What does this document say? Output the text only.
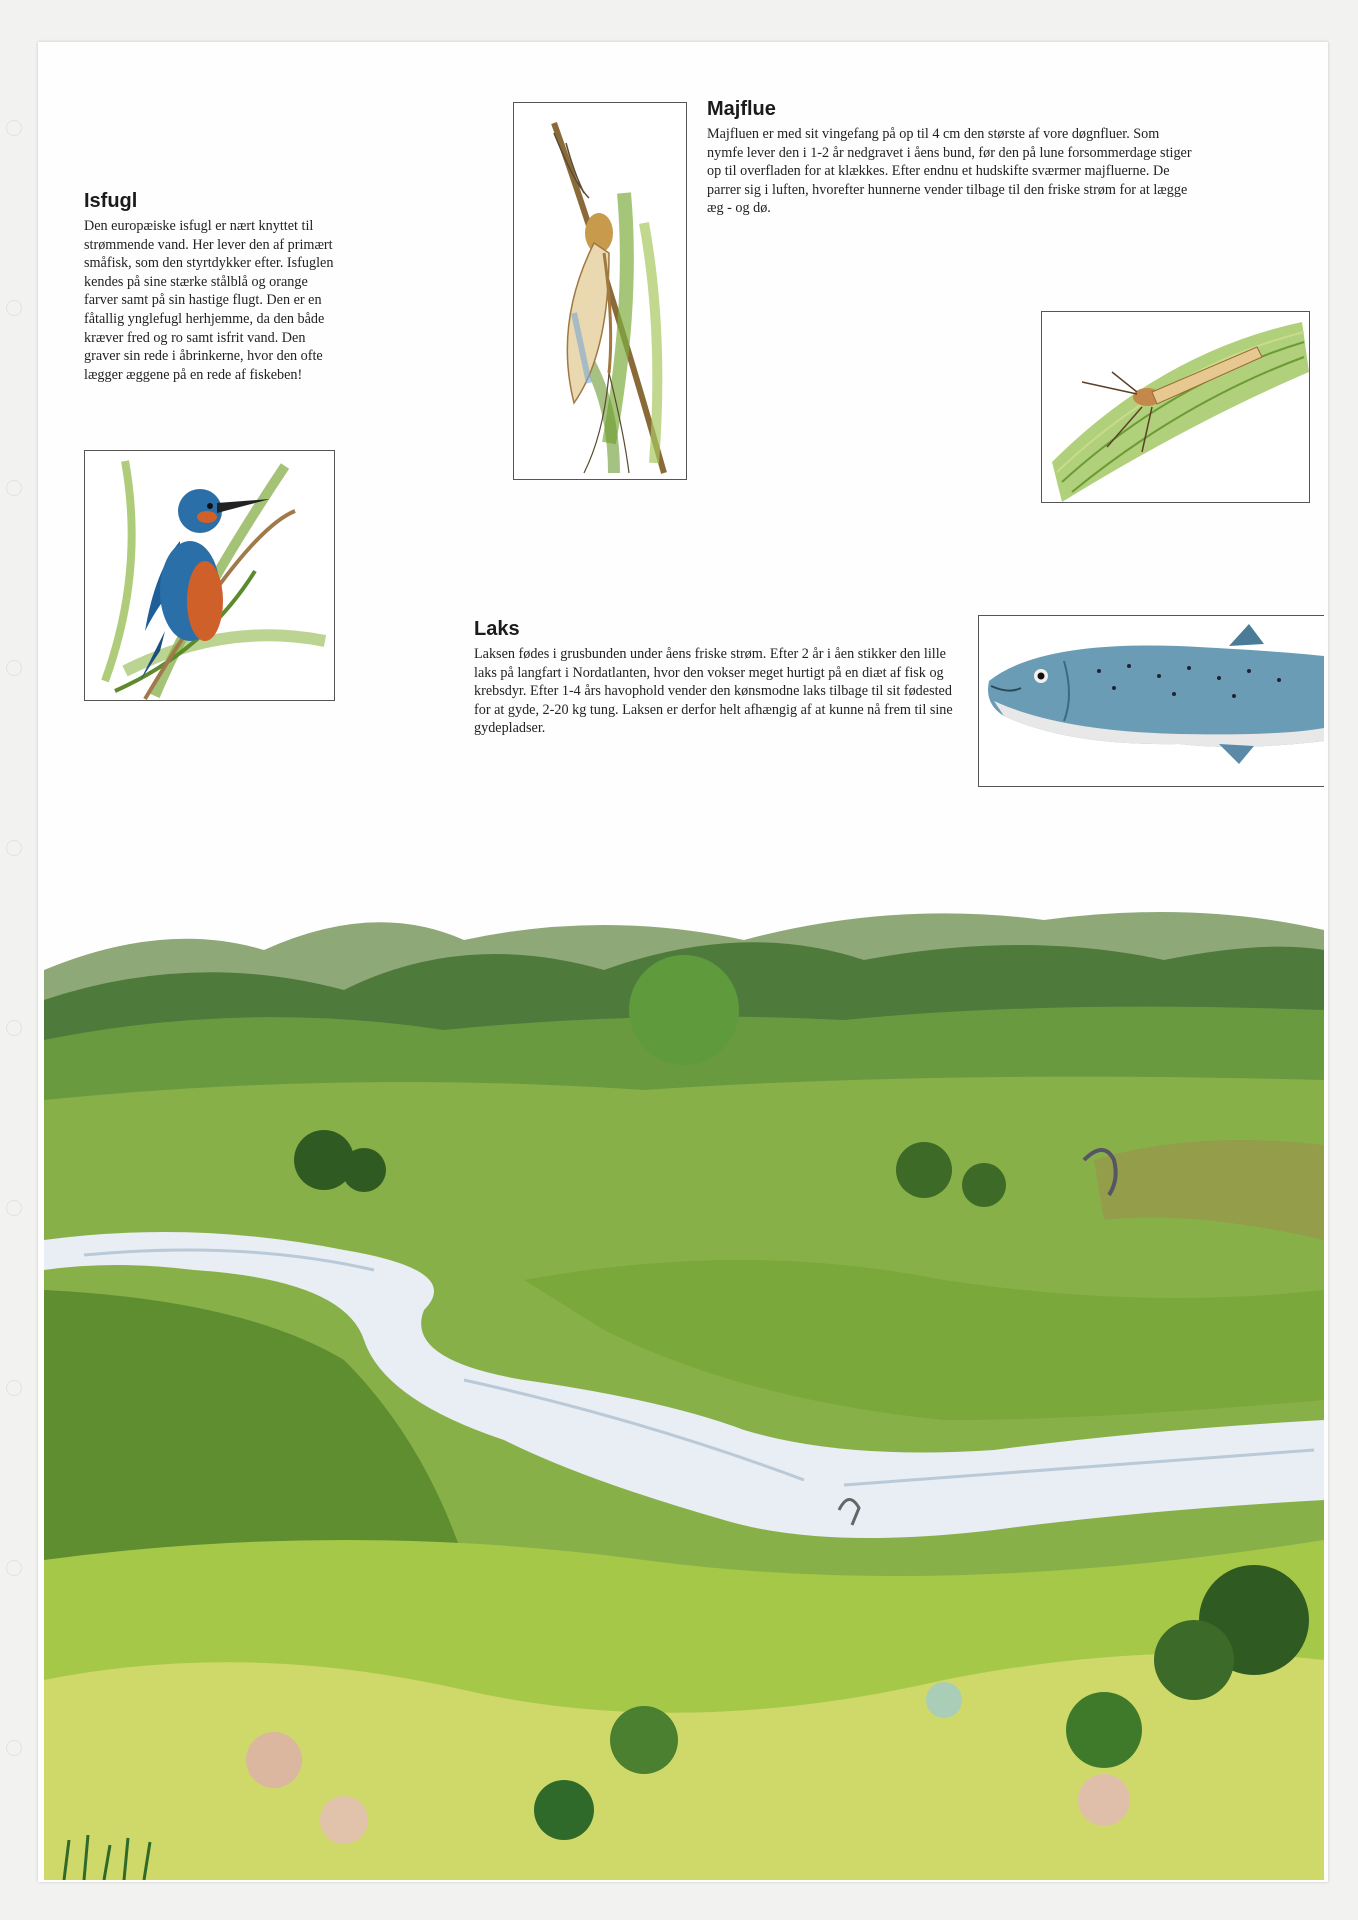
Isfugl

Den europæiske isfugl er nært knyttet til strømmende vand. Her lever den af primært småfisk, som den styrtdykker efter. Isfuglen kendes på sine stærke stålblå og orange farver samt på sin hastige flugt. Den er en fåtallig ynglefugl herhjemme, da den både kræver fred og ro samt isfrit vand. Den graver sin rede i åbrinkerne, hvor den ofte lægger æggene på en rede af fiskeben!

Majflue

Majfluen er med sit vingefang på op til 4 cm den største af vore døgnfluer. Som nymfe lever den i 1-2 år nedgravet i åens bund, før den på lune forsommerdage stiger op til overfladen for at klækkes. Efter endnu et hudskifte sværmer majfluerne. De parrer sig i luften, hvorefter hunnerne vender tilbage til den friske strøm for at lægge æg - og dø.

Laks

Laksen fødes i grusbunden under åens friske strøm. Efter 2 år i åen stikker den lille laks på langfart i Nordatlanten, hvor den vokser meget hurtigt på en diæt af fisk og krebsdyr. Efter 1-4 års havophold vender den kønsmodne laks tilbage til sit fødested for at gyde, 2-20 kg tung. Laksen er derfor helt afhængig af at kunne nå frem til sine gydepladser.
